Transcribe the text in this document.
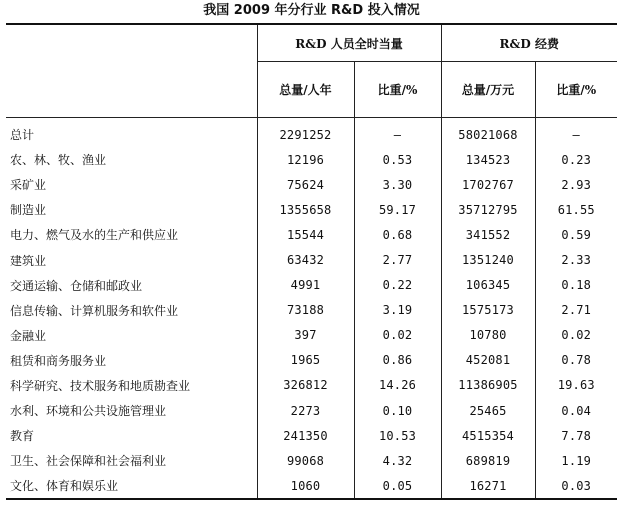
我国 2009 年分行业 R&D 投入情况
	R&D 人员全时当量		R&D 经费	
	总量/人年	比重/%	总量/万元	比重/%
总计	2291252	—	58021068	—
农、林、牧、渔业	12196	0.53	134523	0.23
采矿业	75624	3.30	1702767	2.93
制造业	1355658	59.17	35712795	61.55
电力、燃气及水的生产和供应业	15544	0.68	341552	0.59
建筑业	63432	2.77	1351240	2.33
交通运输、仓储和邮政业	4991	0.22	106345	0.18
信息传输、计算机服务和软件业	73188	3.19	1575173	2.71
金融业	397	0.02	10780	0.02
租赁和商务服务业	1965	0.86	452081	0.78
科学研究、技术服务和地质勘查业	326812	14.26	11386905	19.63
水利、环境和公共设施管理业	2273	0.10	25465	0.04
教育	241350	10.53	4515354	7.78
卫生、社会保障和社会福利业	99068	4.32	689819	1.19
文化、体育和娱乐业	1060	0.05	16271	0.03
